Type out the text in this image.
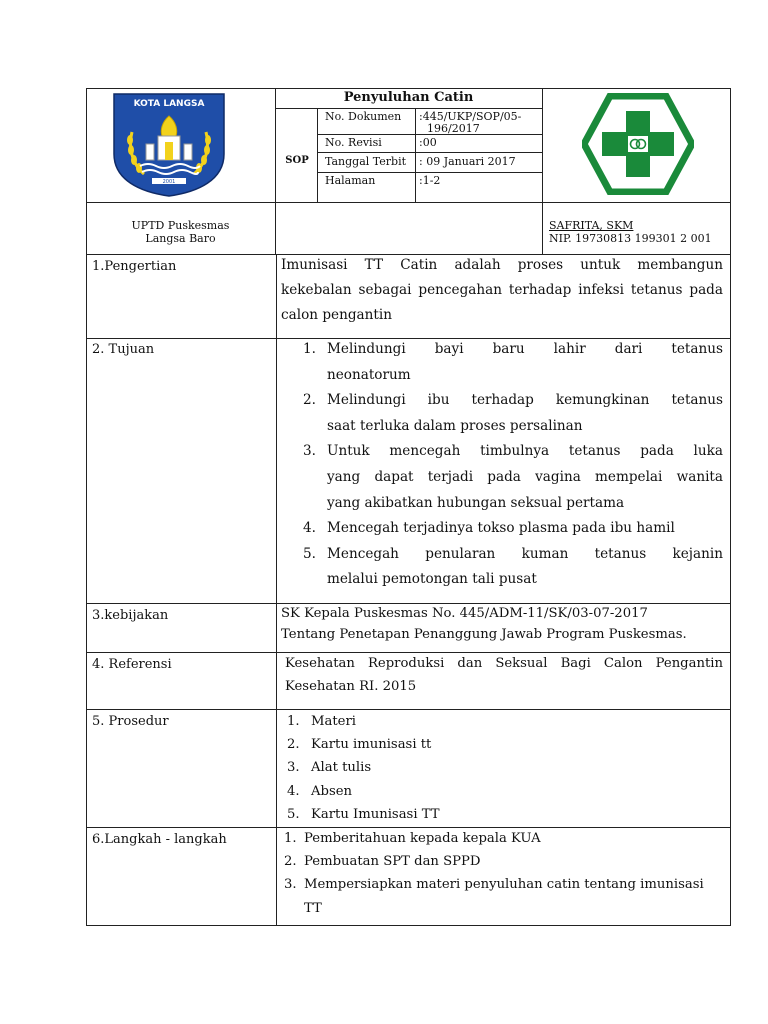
Penyuluhan Catin
SOP
No. Dokumen :445/UKP/SOP/05-
196/2017
No. Revisi	:00
Tanggal Terbit : 09 Januari 2017
Halaman	:1-2
KOTA LANGSA
2001
UPTD Puskesmas
Langsa Baro
SAFRITA, SKM
NIP. 19730813 199301 2 001
1.Pengertian	Imunisasi TT Catin adalah proses untuk membangun
kekebalan sebagai pencegahan terhadap infeksi tetanus pada
calon pengantin
2. Tujuan	1. Melindungi bayi baru lahir dari tetanus
neonatorum
2. Melindungi ibu terhadap kemungkinan tetanus
saat terluka dalam proses persalinan
3. Untuk mencegah timbulnya tetanus pada luka
yang dapat terjadi pada vagina mempelai wanita
yang akibatkan hubungan seksual pertama
4. Mencegah terjadinya tokso plasma pada ibu hamil
5. Mencegah penularan kuman tetanus kejanin
melalui pemotongan tali pusat
3.kebijakan	SK Kepala Puskesmas No. 445/ADM-11/SK/03-07-2017
Tentang Penetapan Penanggung Jawab Program Puskesmas.
4. Referensi	Kesehatan Reproduksi dan Seksual Bagi Calon Pengantin
Kesehatan RI. 2015
5. Prosedur	1. Materi
2. Kartu imunisasi tt
3. Alat tulis
4. Absen
5. Kartu Imunisasi TT
6.Langkah - langkah	1. Pemberitahuan kepada kepala KUA
2. Pembuatan SPT dan SPPD
3. Mempersiapkan materi penyuluhan catin tentang imunisasi
TT
